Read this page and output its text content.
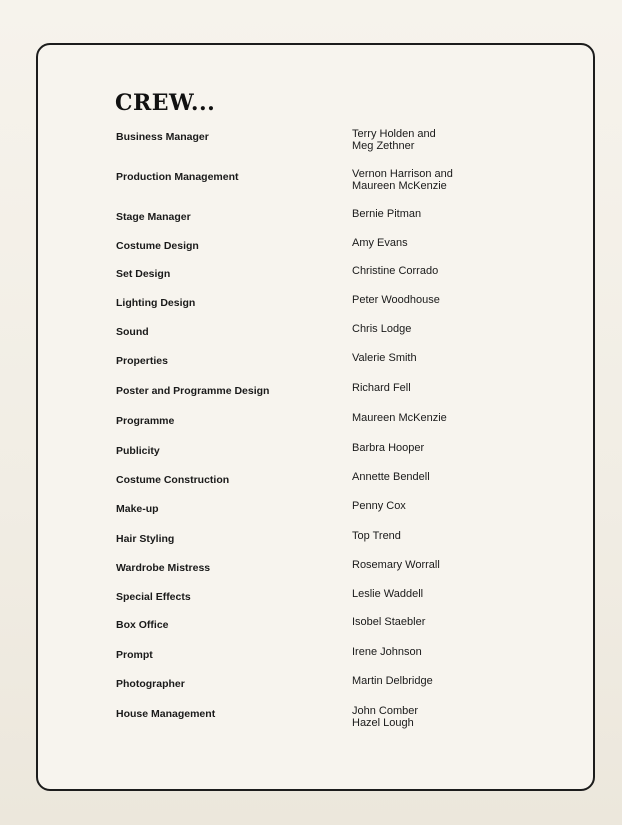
CREW...
Business Manager	Terry Holden and
Meg Zethner
Production Management	Vernon Harrison and
Maureen McKenzie
Stage Manager	Bernie Pitman
Costume Design	Amy Evans
Set Design	Christine Corrado
Lighting Design	Peter Woodhouse
Sound	Chris Lodge
Properties	Valerie Smith
Poster and Programme Design	Richard Fell
Programme	Maureen McKenzie
Publicity	Barbra Hooper
Costume Construction	Annette Bendell
Make-up	Penny Cox
Hair Styling	Top Trend
Wardrobe Mistress	Rosemary Worrall
Special Effects	Leslie Waddell
Box Office	Isobel Staebler
Prompt	Irene Johnson
Photographer	Martin Delbridge
House Management	John Comber
Hazel Lough
